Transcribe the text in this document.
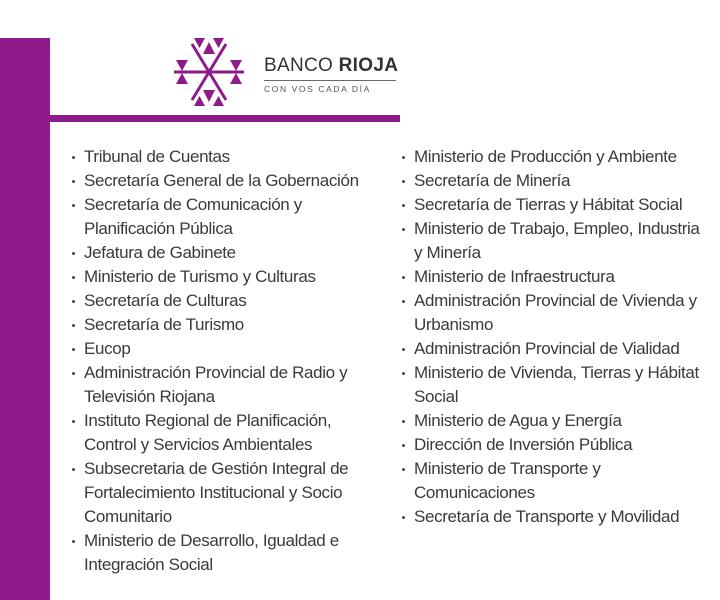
BANCO RIOJA
CON VOS CADA DÍA
Tribunal de Cuentas
Secretaría General de la Gobernación
Secretaría de Comunicación y Planificación Pública
Jefatura de Gabinete
Ministerio de Turismo y Culturas
Secretaría de Culturas
Secretaría de Turismo
Eucop
Administración Provincial de Radio y Televisión Riojana
Instituto Regional de Planificación, Control y Servicios Ambientales
Subsecretaria de Gestión Integral de Fortalecimiento Institucional y Socio Comunitario
Ministerio de Desarrollo, Igualdad e Integración Social
Ministerio de Producción y Ambiente
Secretaría de Minería
Secretaría de Tierras y Hábitat Social
Ministerio de Trabajo, Empleo, Industria y Minería
Ministerio de Infraestructura
Administración Provincial de Vivienda y Urbanismo
Administración Provincial de Vialidad
Ministerio de Vivienda, Tierras y Hábitat Social
Ministerio de Agua y Energía
Dirección de Inversión Pública
Ministerio de Transporte y Comunicaciones
Secretaría de Transporte y Movilidad
